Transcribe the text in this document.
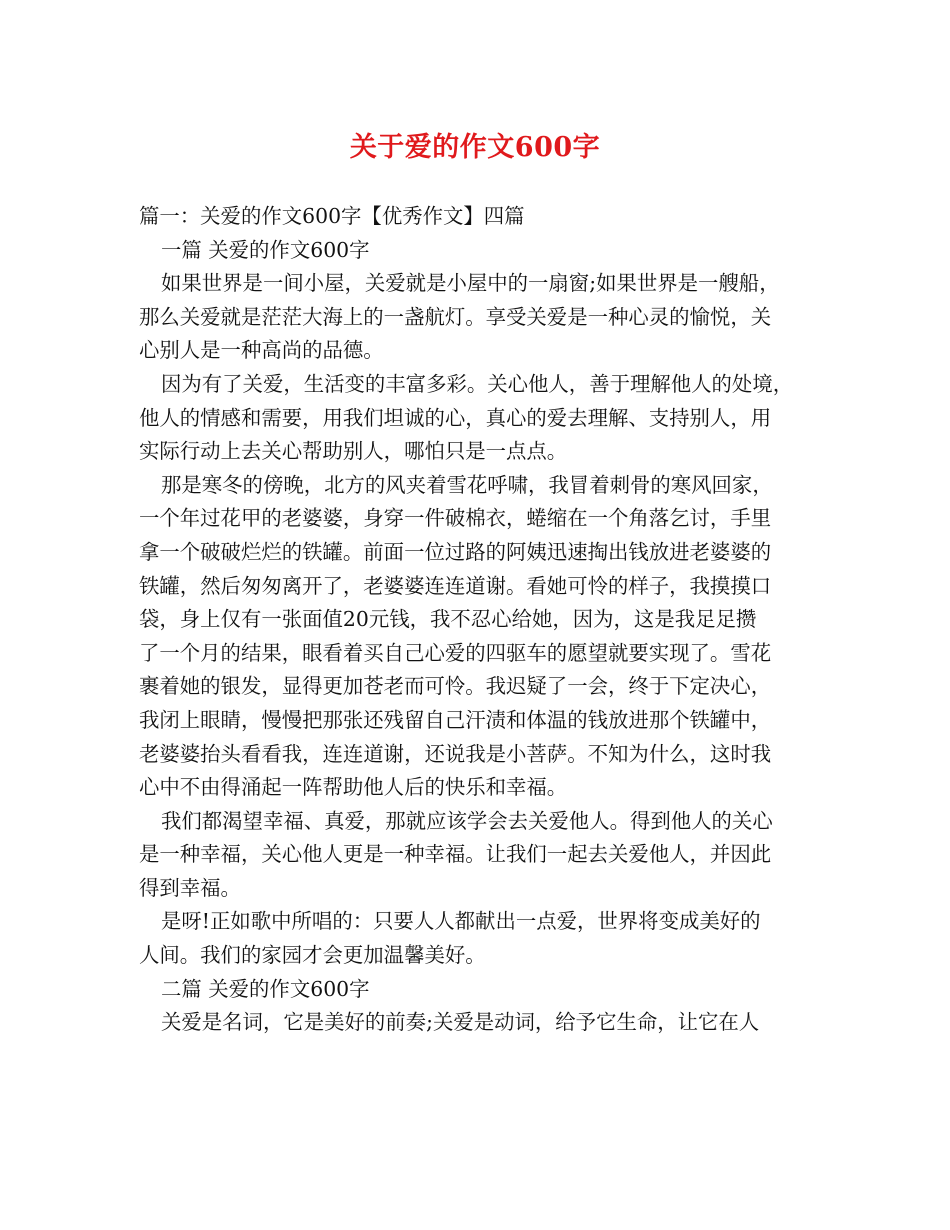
关于爱的作文600字
篇一：关爱的作文600字【优秀作文】四篇
一篇 关爱的作文600字
如果世界是一间小屋，关爱就是小屋中的一扇窗;如果世界是一艘船，
那么关爱就是茫茫大海上的一盏航灯。享受关爱是一种心灵的愉悦，关
心别人是一种高尚的品德。
因为有了关爱，生活变的丰富多彩。关心他人，善于理解他人的处境，
他人的情感和需要，用我们坦诚的心，真心的爱去理解、支持别人，用
实际行动上去关心帮助别人，哪怕只是一点点。
那是寒冬的傍晚，北方的风夹着雪花呼啸，我冒着刺骨的寒风回家，
一个年过花甲的老婆婆，身穿一件破棉衣，蜷缩在一个角落乞讨，手里
拿一个破破烂烂的铁罐。前面一位过路的阿姨迅速掏出钱放进老婆婆的
铁罐，然后匆匆离开了，老婆婆连连道谢。看她可怜的样子，我摸摸口
袋，身上仅有一张面值20元钱，我不忍心给她，因为，这是我足足攒
了一个月的结果，眼看着买自己心爱的四驱车的愿望就要实现了。雪花
裹着她的银发，显得更加苍老而可怜。我迟疑了一会，终于下定决心，
我闭上眼睛，慢慢把那张还残留自己汗渍和体温的钱放进那个铁罐中，
老婆婆抬头看看我，连连道谢，还说我是小菩萨。不知为什么，这时我
心中不由得涌起一阵帮助他人后的快乐和幸福。
我们都渴望幸福、真爱，那就应该学会去关爱他人。得到他人的关心
是一种幸福，关心他人更是一种幸福。让我们一起去关爱他人，并因此
得到幸福。
是呀!正如歌中所唱的：只要人人都献出一点爱，世界将变成美好的
人间。我们的家园才会更加温馨美好。
二篇 关爱的作文600字
关爱是名词，它是美好的前奏;关爱是动词，给予它生命，让它在人
